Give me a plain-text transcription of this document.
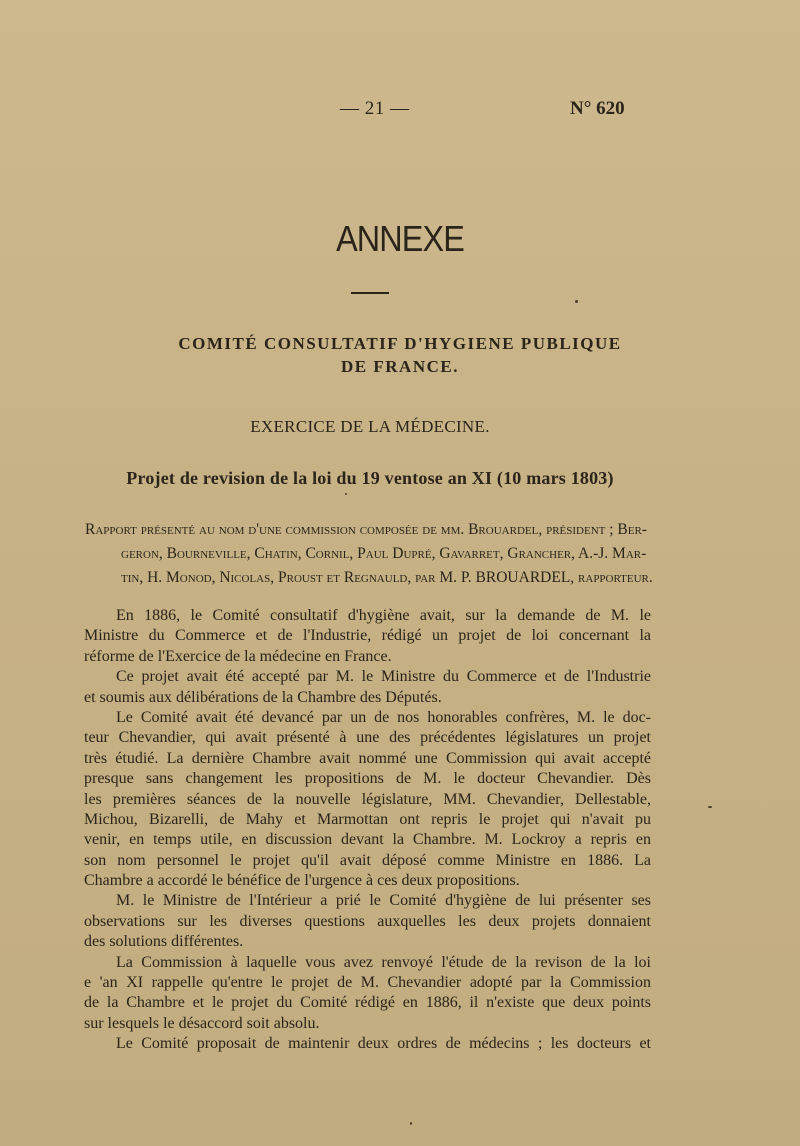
— 21 —	N° 620
ANNEXE
COMITÉ CONSULTATIF D'HYGIENE PUBLIQUE
DE FRANCE.
EXERCICE DE LA MÉDECINE.
Projet de revision de la loi du 19 ventose an XI (10 mars 1803)
Rapport présenté au nom d'une commission composée de mm. Brouardel, président ; Ber-
geron, Bourneville, Chatin, Cornil, Paul Dupré, Gavarret, Grancher, A.-J. Mar-
tin, H. Monod, Nicolas, Proust et Regnauld, par M. P. BROUARDEL, rapporteur.
En 1886, le Comité consultatif d'hygiène avait, sur la demande de M. le
Ministre du Commerce et de l'Industrie, rédigé un projet de loi concernant la
réforme de l'Exercice de la médecine en France.
Ce projet avait été accepté par M. le Ministre du Commerce et de l'Industrie
et soumis aux délibérations de la Chambre des Députés.
Le Comité avait été devancé par un de nos honorables confrères, M. le doc-
teur Chevandier, qui avait présenté à une des précédentes législatures un projet
très étudié. La dernière Chambre avait nommé une Commission qui avait accepté
presque sans changement les propositions de M. le docteur Chevandier. Dès
les premières séances de la nouvelle législature, MM. Chevandier, Dellestable,
Michou, Bizarelli, de Mahy et Marmottan ont repris le projet qui n'avait pu
venir, en temps utile, en discussion devant la Chambre. M. Lockroy a repris en
son nom personnel le projet qu'il avait déposé comme Ministre en 1886. La
Chambre a accordé le bénéfice de l'urgence à ces deux propositions.
M. le Ministre de l'Intérieur a prié le Comité d'hygiène de lui présenter ses
observations sur les diverses questions auxquelles les deux projets donnaient
des solutions différentes.
La Commission à laquelle vous avez renvoyé l'étude de la revison de la loi
e 'an XI rappelle qu'entre le projet de M. Chevandier adopté par la Commission
de la Chambre et le projet du Comité rédigé en 1886, il n'existe que deux points
sur lesquels le désaccord soit absolu.
Le Comité proposait de maintenir deux ordres de médecins ; les docteurs et
